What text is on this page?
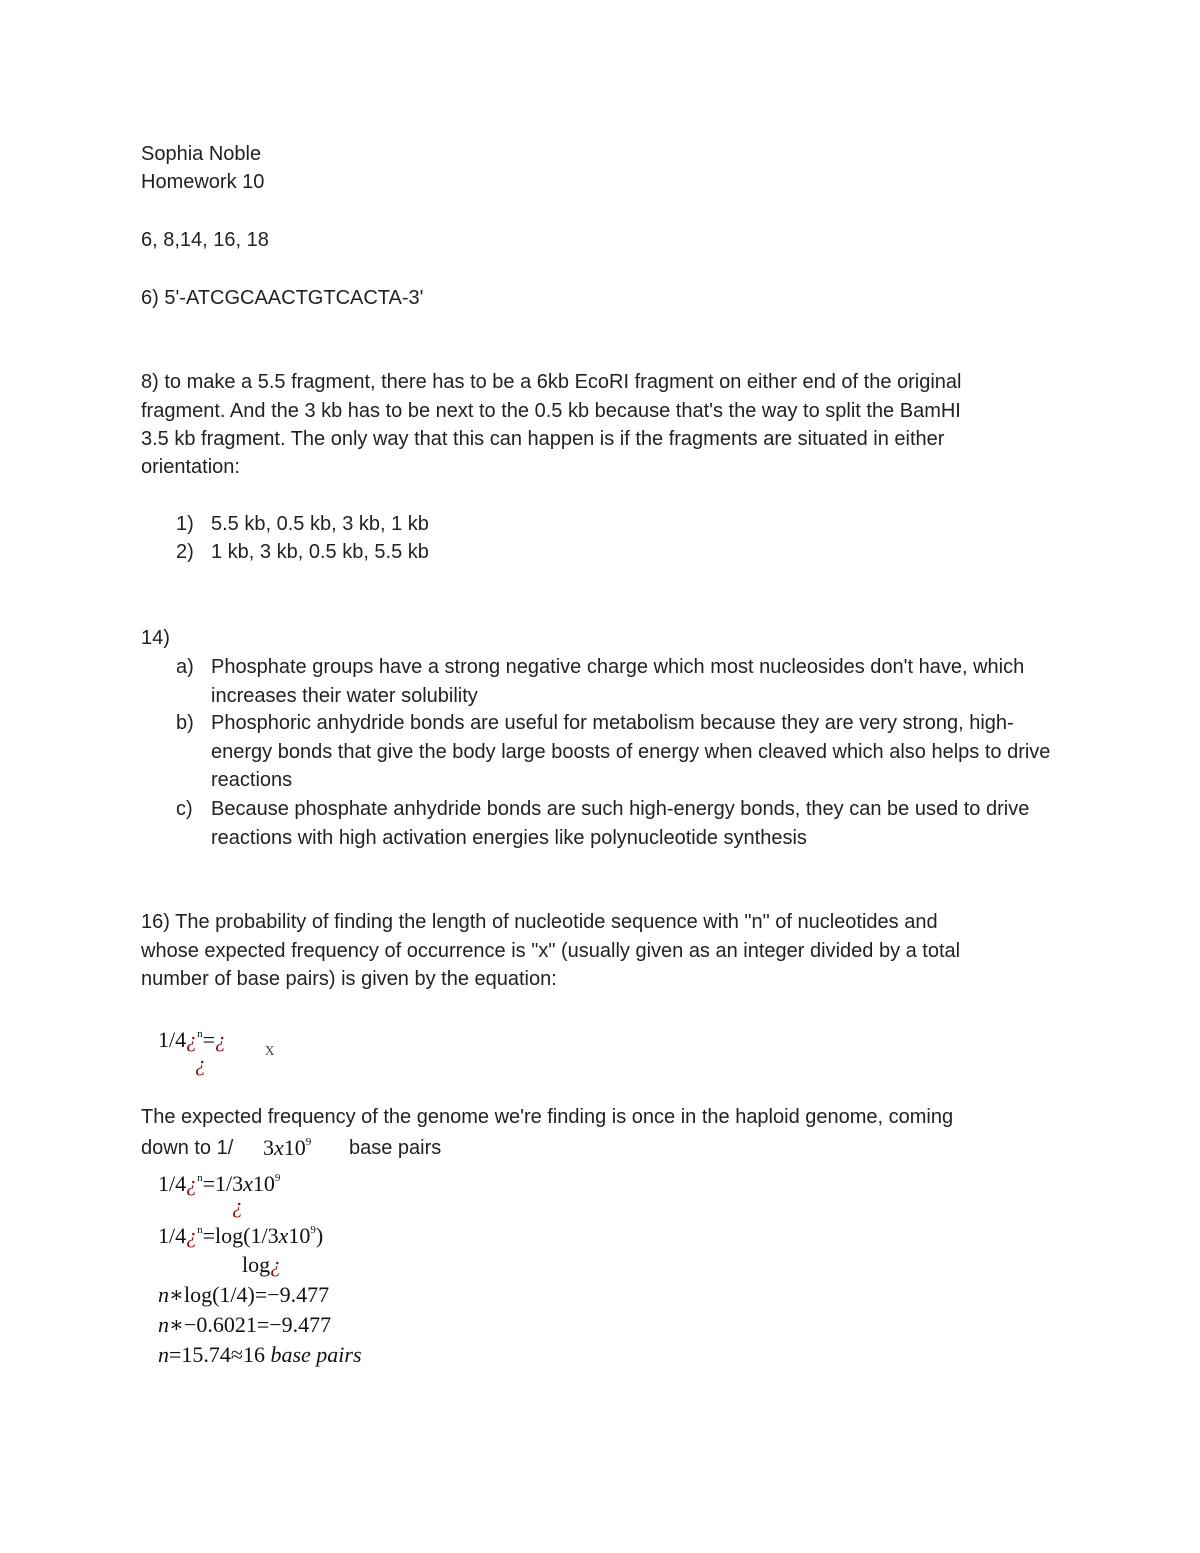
Sophia Noble
Homework 10
6, 8,14, 16, 18
6) 5'-ATCGCAACTGTCACTA-3'
8) to make a 5.5 fragment, there has to be a 6kb EcoRI fragment on either end of the original
fragment. And the 3 kb has to be next to the 0.5 kb because that's the way to split the BamHI
3.5 kb fragment. The only way that this can happen is if the fragments are situated in either
orientation:
1) 5.5 kb, 0.5 kb, 3 kb, 1 kb
2) 1 kb, 3 kb, 0.5 kb, 5.5 kb
14)
a) Phosphate groups have a strong negative charge which most nucleosides don't have, which increases their water solubility
b) Phosphoric anhydride bonds are useful for metabolism because they are very strong, high-energy bonds that give the body large boosts of energy when cleaved which also helps to drive reactions
c) Because phosphate anhydride bonds are such high-energy bonds, they can be used to drive reactions with high activation energies like polynucleotide synthesis
16) The probability of finding the length of nucleotide sequence with "n" of nucleotides and
whose expected frequency of occurrence is "x" (usually given as an integer divided by a total
number of base pairs) is given by the equation:
1/4¿$^n$=¿
¿
x
The expected frequency of the genome we're finding is once in the haploid genome, coming
down to 1/ $3x10^9$ base pairs
$1/4¿^n=1/3x10^9$
¿
$1/4¿^n=\log(1/3x10^9)$
log¿
n∗log(1/4)=−9.477
n∗−0.6021=−9.477
n=15.74≈16 base pairs
